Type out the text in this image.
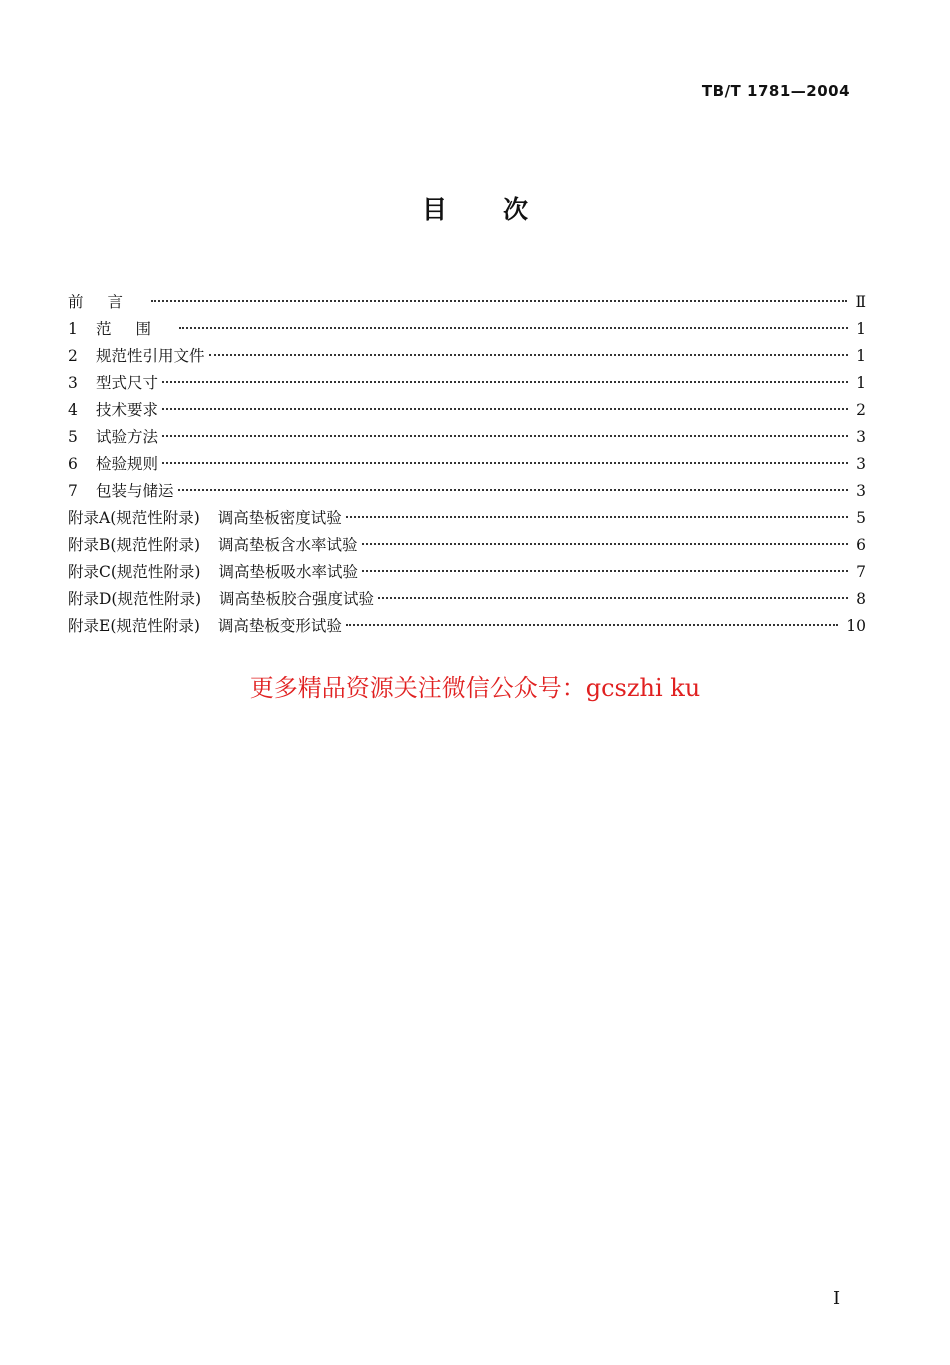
TB/T 1781—2004
目次
前言	Ⅱ
1 范围	1
2 规范性引用文件	1
3 型式尺寸	1
4 技术要求	2
5 试验方法	3
6 检验规则	3
7 包装与储运	3
附录A(规范性附录) 调高垫板密度试验	5
附录B(规范性附录) 调高垫板含水率试验	6
附录C(规范性附录) 调高垫板吸水率试验	7
附录D(规范性附录) 调高垫板胶合强度试验	8
附录E(规范性附录) 调高垫板变形试验	10
更多精品资源关注微信公众号：gcszhi ku
I
